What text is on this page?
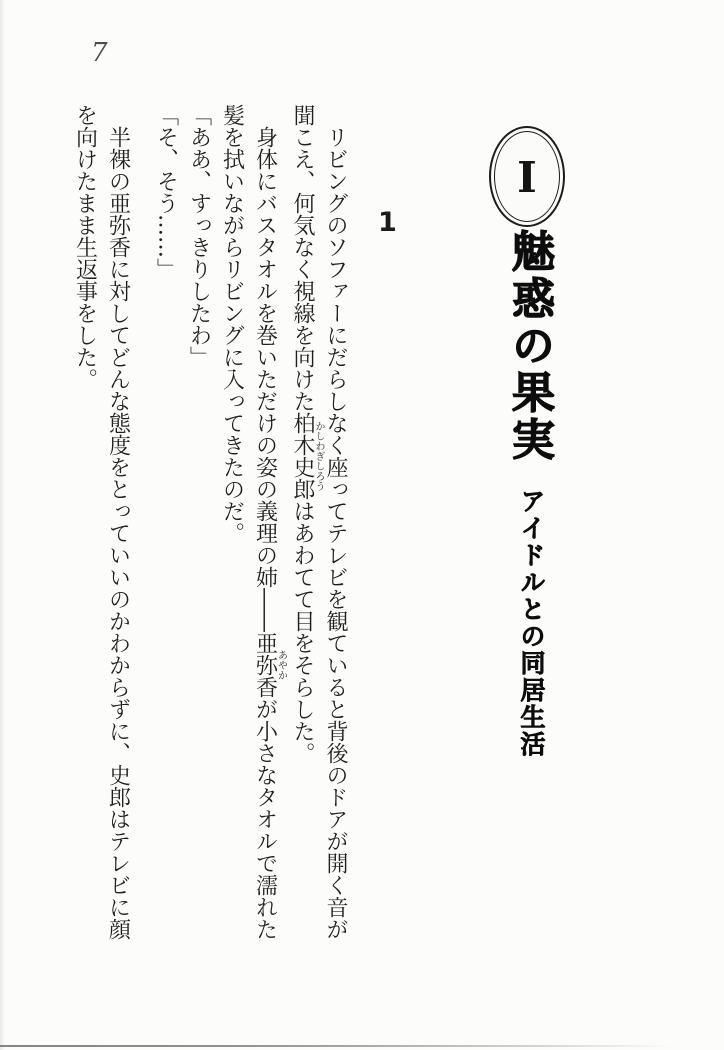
7
I
魅惑の果実
アイドルとの同居生活
1

リビングのソファーにだらしなく座ってテレビを観ていると背後のドアが開く音が聞こえ、何気なく視線を向けた柏木史郎かしわぎしろうはあわてて目をそらした。

身体にバスタオルを巻いただけの姿の義理の姉――亜弥香あやかが小さなタオルで濡れた髪を拭いながらリビングに入ってきたのだ。

「ああ、すっきりしたわ」

「そ、そう……」

半裸の亜弥香に対してどんな態度をとっていいのかわからずに、史郎はテレビに顔を向けたまま生返事をした。
